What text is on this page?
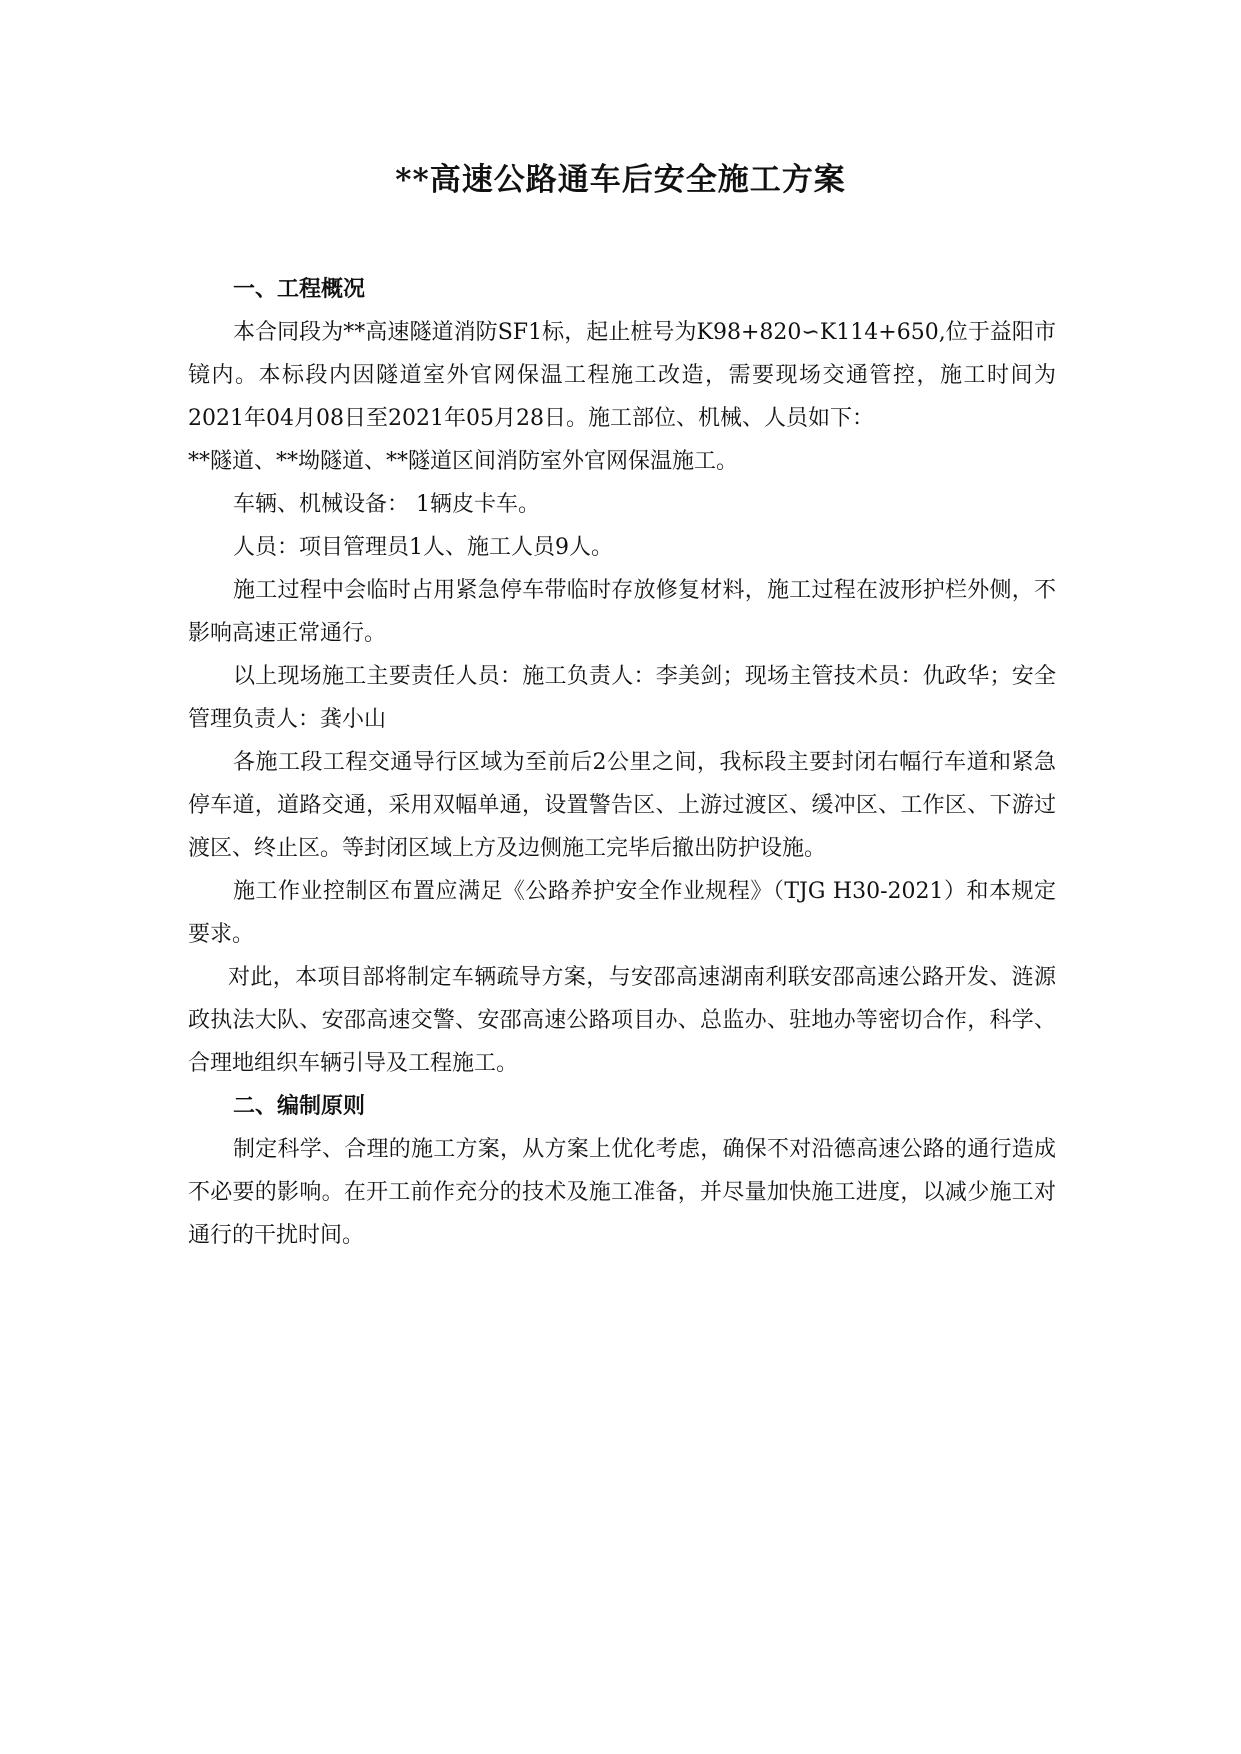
**高速公路通车后安全施工方案

一、工程概况

本合同段为**高速隧道消防SF1标，起止桩号为K98+820∽K114+650,位于益阳市镜内。本标段内因隧道室外官网保温工程施工改造，需要现场交通管控，施工时间为2021年04月08日至2021年05月28日。施工部位、机械、人员如下：

**隧道、**坳隧道、**隧道区间消防室外官网保温施工。

车辆、机械设备： 1辆皮卡车。

人员：项目管理员1人、施工人员9人。

施工过程中会临时占用紧急停车带临时存放修复材料，施工过程在波形护栏外侧，不影响高速正常通行。

以上现场施工主要责任人员：施工负责人：李美剑；现场主管技术员：仇政华；安全管理负责人：龚小山

各施工段工程交通导行区域为至前后2公里之间，我标段主要封闭右幅行车道和紧急停车道，道路交通，采用双幅单通，设置警告区、上游过渡区、缓冲区、工作区、下游过渡区、终止区。等封闭区域上方及边侧施工完毕后撤出防护设施。

施工作业控制区布置应满足《公路养护安全作业规程》（TJG H30-2021）和本规定要求。

对此，本项目部将制定车辆疏导方案，与安邵高速湖南利联安邵高速公路开发、涟源政执法大队、安邵高速交警、安邵高速公路项目办、总监办、驻地办等密切合作，科学、合理地组织车辆引导及工程施工。

二、编制原则

制定科学、合理的施工方案，从方案上优化考虑，确保不对沿德高速公路的通行造成不必要的影响。在开工前作充分的技术及施工准备，并尽量加快施工进度，以减少施工对通行的干扰时间。
